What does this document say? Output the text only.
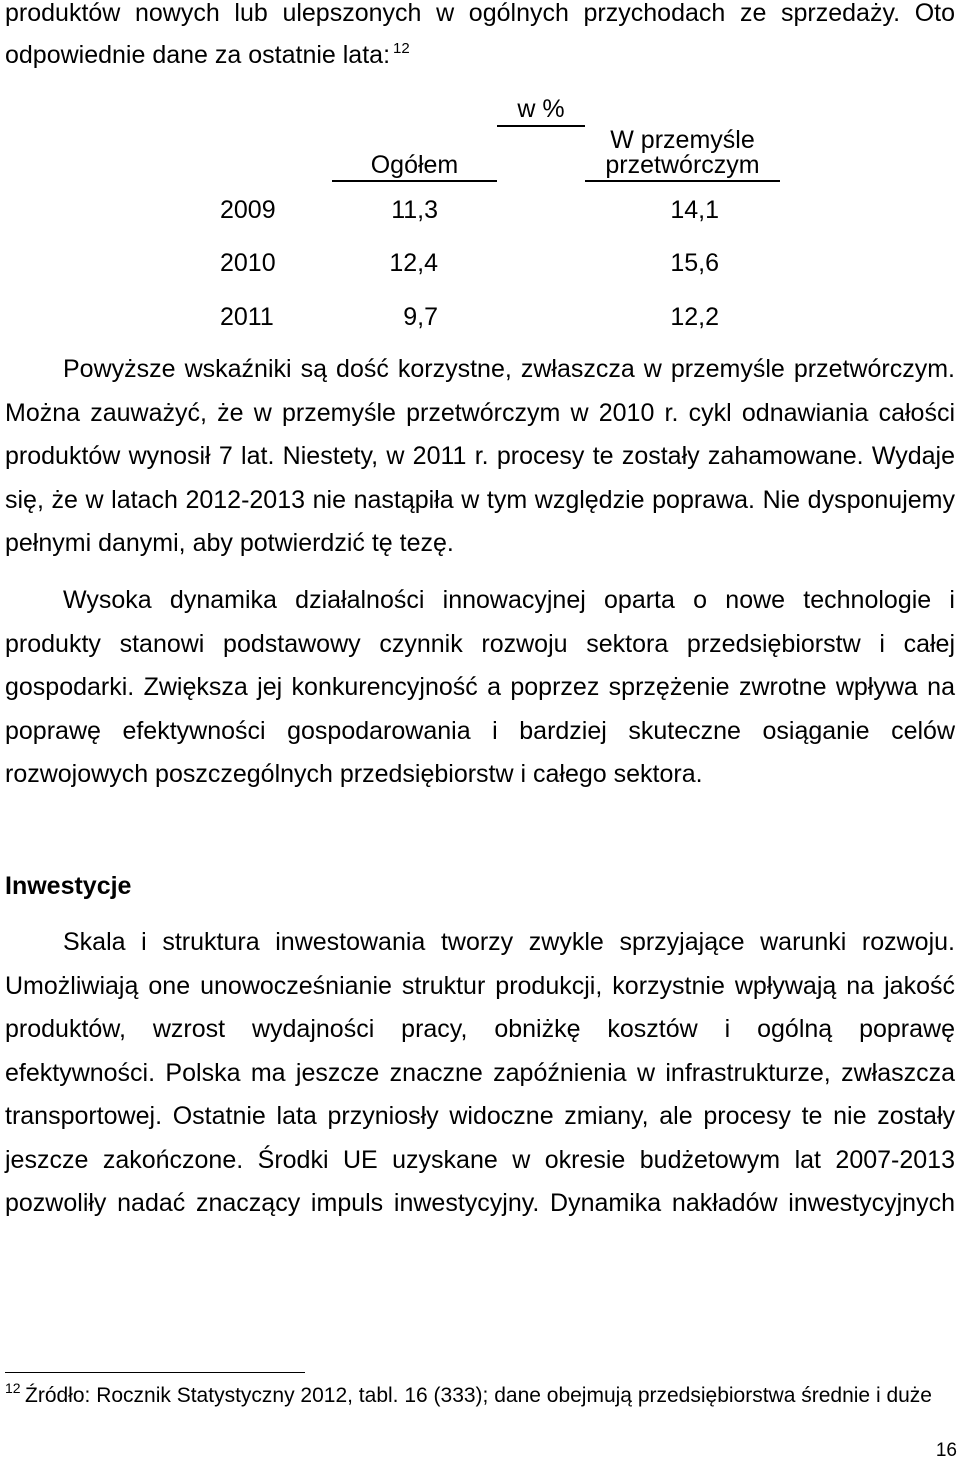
produktów nowych lub ulepszonych w ogólnych przychodach ze sprzedaży. Oto
odpowiednie dane za ostatnie lata: $^{12}$
w %
Ogółem
W przemyśle
przetwórczym
2009	11,3	14,1
2010	12,4	15,6
2011	9,7	12,2
Powyższe wskaźniki są dość korzystne, zwłaszcza w przemyśle przetwórczym.
Można zauważyć, że w przemyśle przetwórczym w 2010 r. cykl odnawiania całości
produktów wynosił 7 lat. Niestety, w 2011 r. procesy te zostały zahamowane. Wydaje
się, że w latach 2012-2013 nie nastąpiła w tym względzie poprawa. Nie dysponujemy
pełnymi danymi, aby potwierdzić tę tezę.
Wysoka dynamika działalności innowacyjnej oparta o nowe technologie i
produkty stanowi podstawowy czynnik rozwoju sektora przedsiębiorstw i całej
gospodarki. Zwiększa jej konkurencyjność a poprzez sprzężenie zwrotne wpływa na
poprawę efektywności gospodarowania i bardziej skuteczne osiąganie celów
rozwojowych poszczególnych przedsiębiorstw i całego sektora.
Inwestycje
Skala i struktura inwestowania tworzy zwykle sprzyjające warunki rozwoju.
Umożliwiają one unowocześnianie struktur produkcji, korzystnie wpływają na jakość
produktów, wzrost wydajności pracy, obniżkę kosztów i ogólną poprawę
efektywności. Polska ma jeszcze znaczne zapóźnienia w infrastrukturze, zwłaszcza
transportowej. Ostatnie lata przyniosły widoczne zmiany, ale procesy te nie zostały
jeszcze zakończone. Środki UE uzyskane w okresie budżetowym lat 2007-2013
pozwoliły nadać znaczący impuls inwestycyjny. Dynamika nakładów inwestycyjnych
12 Źródło: Rocznik Statystyczny 2012, tabl. 16 (333); dane obejmują przedsiębiorstwa średnie i duże
16
